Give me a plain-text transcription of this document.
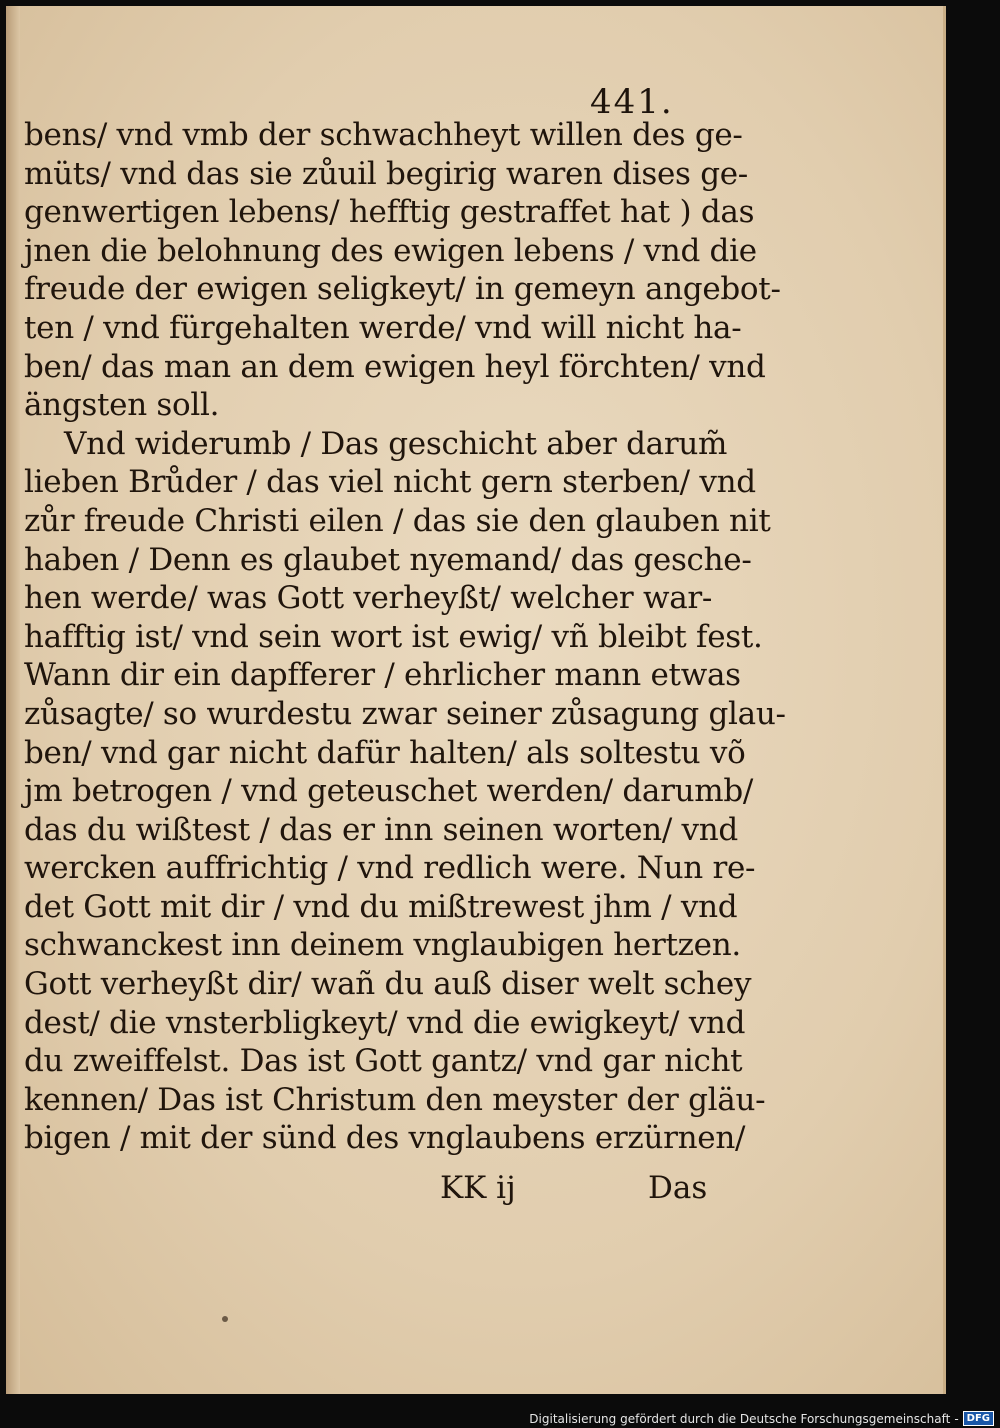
441.
bens/ vnd vmb der schwachheyt willen des ge-
müts/ vnd das sie zůuil begirig waren dises ge-
genwertigen lebens/ hefftig gestraffet hat ) das
jnen die belohnung des ewigen lebens / vnd die
freude der ewigen seligkeyt/ in gemeyn angebot-
ten / vnd fürgehalten werde/ vnd will nicht ha-
ben/ das man an dem ewigen heyl förchten/ vnd
ängsten soll.
Vnd widerumb / Das geschicht aber darum̃
lieben Brůder / das viel nicht gern sterben/ vnd
zůr freude Christi eilen / das sie den glauben nit
haben / Denn es glaubet nyemand/ das gesche-
hen werde/ was Gott verheyßt/ welcher war-
hafftig ist/ vnd sein wort ist ewig/ vñ bleibt fest.
Wann dir ein dapfferer / ehrlicher mann etwas
zůsagte/ so wurdestu zwar seiner zůsagung glau-
ben/ vnd gar nicht dafür halten/ als soltestu võ
jm betrogen / vnd geteuschet werden/ darumb/
das du wißtest / das er inn seinen worten/ vnd
wercken auffrichtig / vnd redlich were. Nun re-
det Gott mit dir / vnd du mißtrewest jhm / vnd
schwanckest inn deinem vnglaubigen hertzen.
Gott verheyßt dir/ wañ du auß diser welt schey
dest/ die vnsterbligkeyt/ vnd die ewigkeyt/ vnd
du zweiffelst. Das ist Gott gantz/ vnd gar nicht
kennen/ Das ist Christum den meyster der gläu-
bigen / mit der sünd des vnglaubens erzürnen/
KK ij	Das
Digitalisierung gefördert durch die Deutsche Forschungsgemeinschaft - DFG
